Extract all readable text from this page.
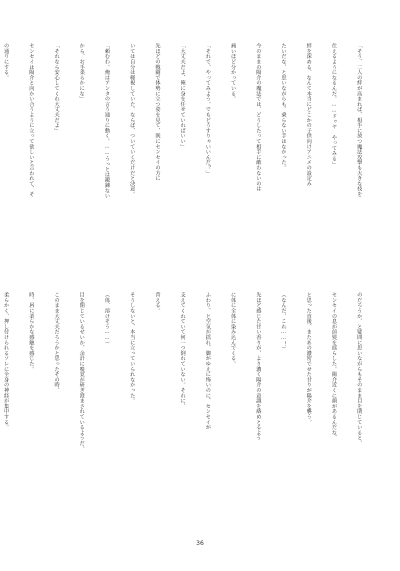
「そう、二人の絆が高まれば、相手に放つ魔法攻撃も大きな技を

仕えるようになるんだ。……ドゥヤ　やってみる」

絆を深める、なんて本当にどこかの子供向けアニメの設定み

たいだな、と思いながらも、乗らない手はなかった。

今のままの陽介の魔法では、どうしたって相手に敵わないのは

痛いほど分かっている。

「それで、やってみよう。でもどうすりゃいいんだ？」

「大丈夫だよ、俺に身を任せていればいい」

先ほどの戦闘で体勢に立つ姿を見て、既にセンセイの方に

いては自分は軽視していた。ならば、ついていくだけだと決意。

「頼むわ。俺はアンタの言う通りに動く。……うっとは鍛錬ない

から、お手柔らかにな」

「それなら安心してくれ大丈夫だよ」

センセイは陽介と向かい合うように立って欲しいと言われて、そ

の通りにする。

のだろうか、と疑問に思いながらもそのまま目を閉じていると、

センセイの息が前髪を揺らした。陽介近くに顔があるんだな、

と思った直後、またあの濃密でせた甘りが陽介を襲う。

（なんだ、これ……！）

先ほど感じた甘い香りが、より濃く陽介の意識を絡めとるよう

に体に全体に染み込んでくる。

ふわり、と空気が揺れ、脚がゆえに怖いのに、センセイが

支えてくれていて何一つ倒れていない。それに、

背える。

そうしないと、本当に立っていられなかった。

（体、溶けそう……）

目を閉じているせいか、余計に嗅覚が研ぎ澄まされているようだ。

このまま大丈夫だろうかと思ったその時、

時、唇に柔らかな感触を感じた。

柔らかく、押し付けられるソレに全身の神経が集中する。

36
